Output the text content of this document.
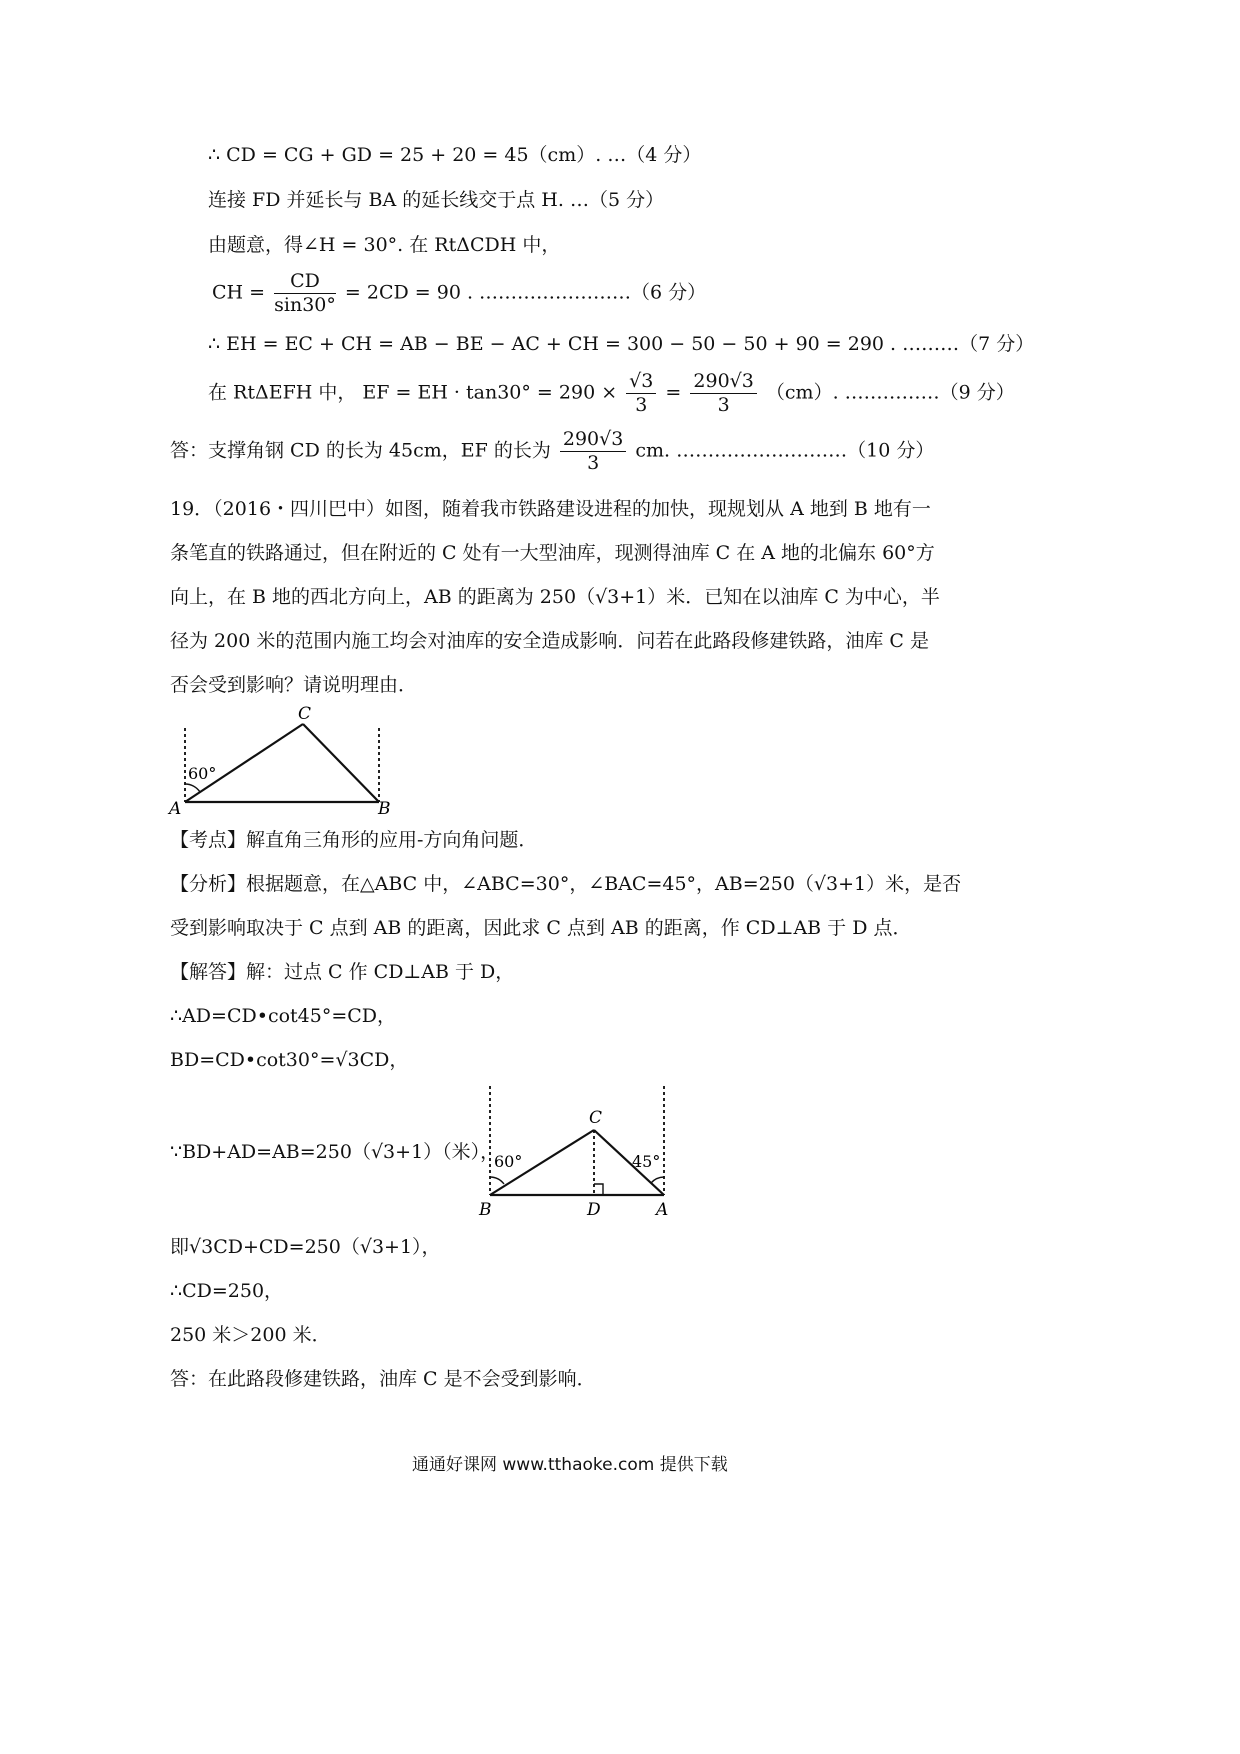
∴ CD = CG + GD = 25 + 20 = 45（cm）. …（4 分）
连接 FD 并延长与 BA 的延长线交于点 H. …（5 分）
由题意，得∠H = 30°. 在 RtΔCDH 中，
CH = $\frac{CD}{\sin 30^\circ} = 2CD = 90$ . ……………………（6 分）
∴ EH = EC + CH = AB − BE − AC + CH = 300 − 50 − 50 + 90 = 290 . ………（7 分）
在 RtΔEFH 中， EF = EH · $\tan 30^\circ = 290 \times \frac{√3}{3} = \frac{290√3}{3} (cm)$. ……………（9 分）
答：支撑角钢 CD 的长为 45cm，EF 的长为 $\frac{290√3}{3}$ cm. ………………………（10 分）
19．（2016・四川巴中）如图，随着我市铁路建设进程的加快，现规划从 A 地到 B 地有一
条笔直的铁路通过，但在附近的 C 处有一大型油库，现测得油库 C 在 A 地的北偏东 60°方
向上，在 B 地的西北方向上，AB 的距离为 250（√3+1）米．已知在以油库 C 为中心，半
径为 200 米的范围内施工均会对油库的安全造成影响．问若在此路段修建铁路，油库 C 是
否会受到影响？请说明理由．
C
A	B
60°
【考点】解直角三角形的应用-方向角问题．
【分析】根据题意，在△ABC 中，∠ABC=30°，∠BAC=45°，AB=250（√3+1）米，是否
受到影响取决于 C 点到 AB 的距离，因此求 C 点到 AB 的距离，作 CD⊥AB 于 D 点．
【解答】解：过点 C 作 CD⊥AB 于 D，
∴AD=CD•cot45°=CD，
BD=CD•cot30°=√3CD，
∵BD+AD=AB=250（√3+1）（米），
C
B	D	A
60°	45°
即√3CD+CD=250（√3+1），
∴CD=250，
250 米＞200 米．
答：在此路段修建铁路，油库 C 是不会受到影响．
通通好课网 www.tthaoke.com 提供下载
